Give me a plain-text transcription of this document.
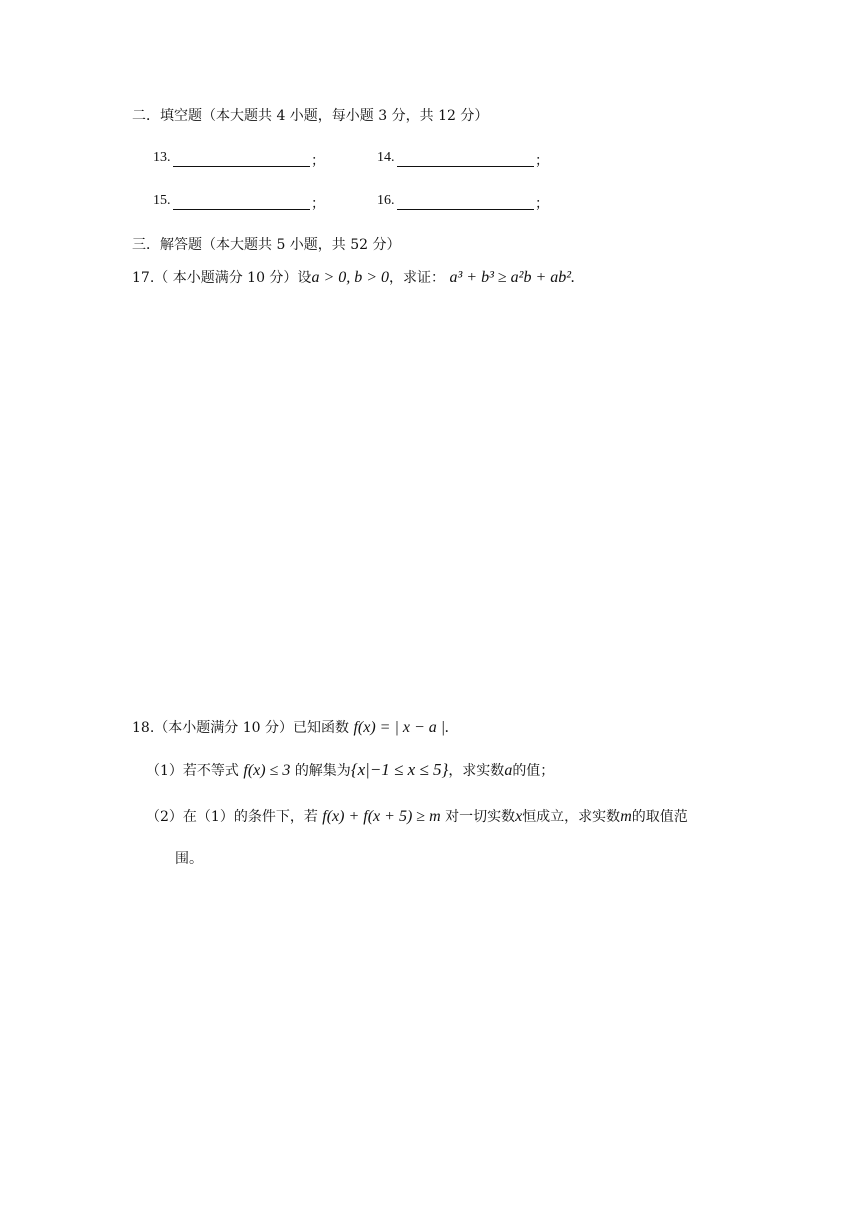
二．填空题（本大题共 4 小题，每小题 3 分，共 12 分）
13.	；	14.	；
15.	；	16.	；
三．解答题（本大题共 5 小题，共 52 分）
17.（ 本小题满分 10 分）设a > 0, b > 0，求证： a³ + b³ ≥ a²b + ab².
18.（本小题满分 10 分）已知函数 f(x) = | x − a |.
（1）若不等式 f(x) ≤ 3 的解集为{x|−1 ≤ x ≤ 5}，求实数a的值；
（2）在（1）的条件下，若 f(x) + f(x + 5) ≥ m 对一切实数x恒成立，求实数m的取值范
围。
